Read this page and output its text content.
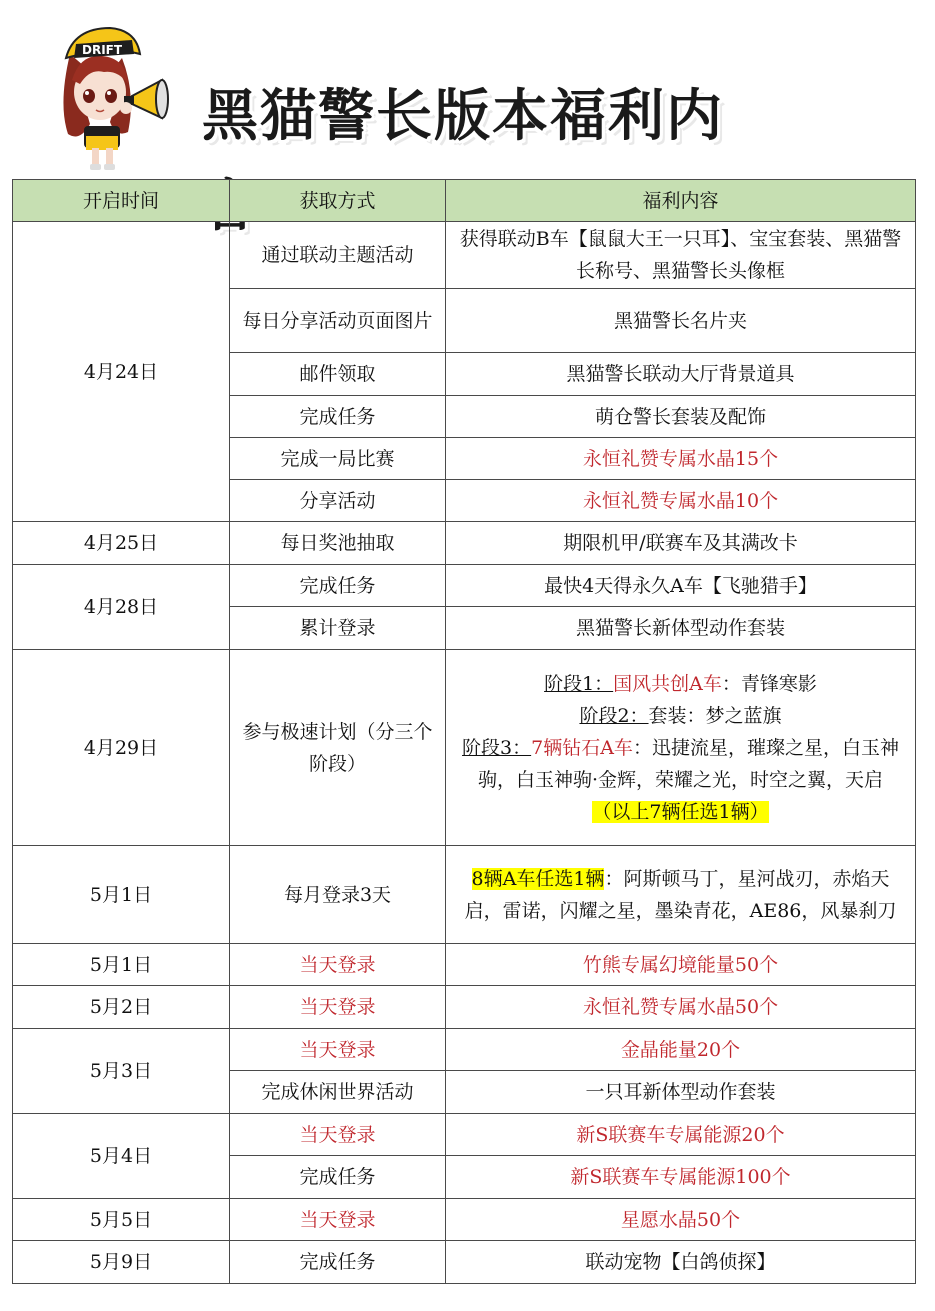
DRIFT
黑猫警长版本福利内
开启时间	获取方式	福利内容
4月24日	通过联动主题活动	获得联动B车【鼠鼠大王一只耳】、宝宝套装、黑猫警长称号、黑猫警长头像框
	每日分享活动页面图片	黑猫警长名片夹
	邮件领取	黑猫警长联动大厅背景道具
	完成任务	萌仓警长套装及配饰
	完成一局比赛	永恒礼赞专属水晶15个
	分享活动	永恒礼赞专属水晶10个
4月25日	每日奖池抽取	期限机甲/联赛车及其满改卡
4月28日	完成任务	最快4天得永久A车【飞驰猎手】
	累计登录	黑猫警长新体型动作套装
4月29日	参与极速计划（分三个阶段）	阶段1：国风共创A车：青锋寒影
阶段2：套装：梦之蓝旗
阶段3：7辆钻石A车：迅捷流星，璀璨之星，白玉神驹，白玉神驹·金辉，荣耀之光，时空之翼，天启
（以上7辆任选1辆）

5月1日	每月登录3天	8辆A车任选1辆：阿斯顿马丁，星河战刃，赤焰天启，雷诺，闪耀之星，墨染青花，AE86，风暴刹刀
5月1日	当天登录	竹熊专属幻境能量50个
5月2日	当天登录	永恒礼赞专属水晶50个
5月3日	当天登录	金晶能量20个
	完成休闲世界活动	一只耳新体型动作套装
5月4日	当天登录	新S联赛车专属能源20个
	完成任务	新S联赛车专属能源100个
5月5日	当天登录	星愿水晶50个
5月9日	完成任务	联动宠物【白鸽侦探】
